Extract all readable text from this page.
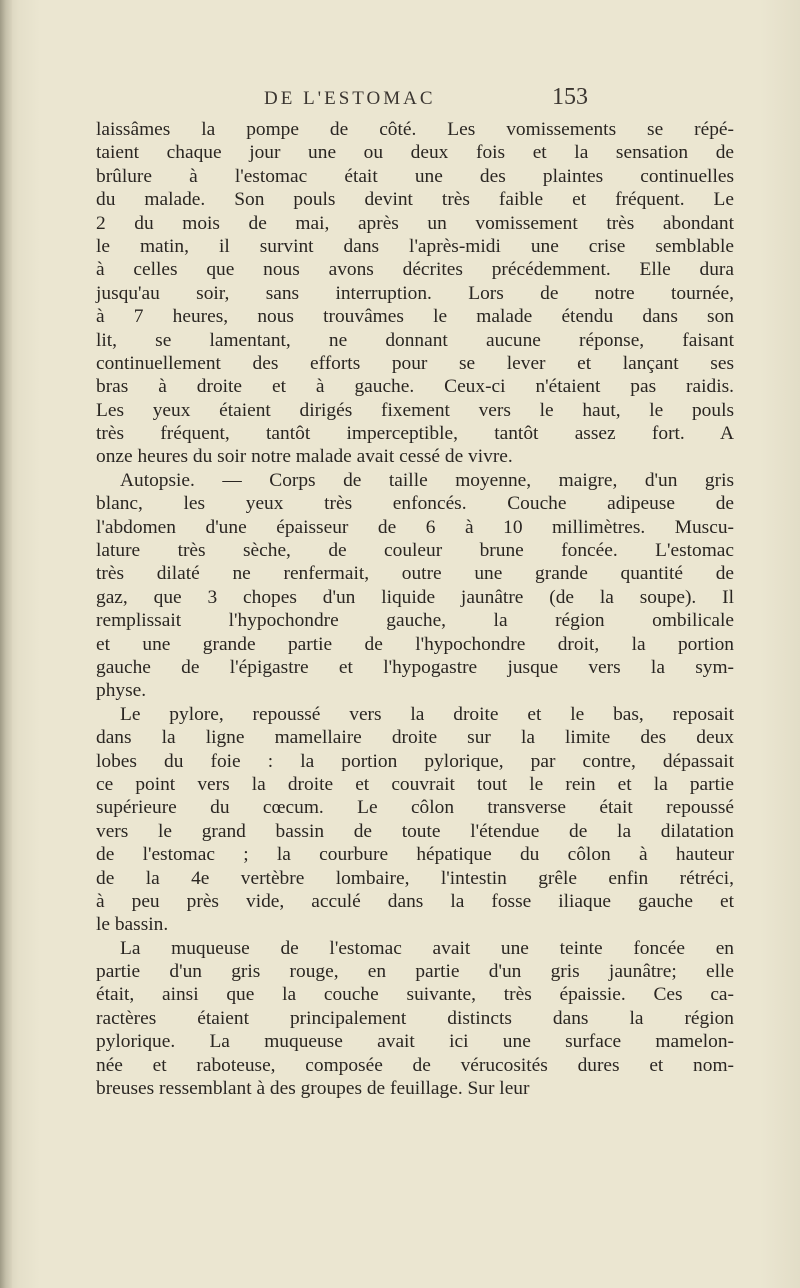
DE L'ESTOMAC	153
laissâmes la pompe de côté. Les vomissements se répé-
taient chaque jour une ou deux fois et la sensation de
brûlure à l'estomac était une des plaintes continuelles
du malade. Son pouls devint très faible et fréquent. Le
2 du mois de mai, après un vomissement très abondant
le matin, il survint dans l'après-midi une crise semblable
à celles que nous avons décrites précédemment. Elle dura
jusqu'au soir, sans interruption. Lors de notre tournée,
à 7 heures, nous trouvâmes le malade étendu dans son
lit, se lamentant, ne donnant aucune réponse, faisant
continuellement des efforts pour se lever et lançant ses
bras à droite et à gauche. Ceux-ci n'étaient pas raidis.
Les yeux étaient dirigés fixement vers le haut, le pouls
très fréquent, tantôt imperceptible, tantôt assez fort. A
onze heures du soir notre malade avait cessé de vivre.
Autopsie. — Corps de taille moyenne, maigre, d'un gris
blanc, les yeux très enfoncés. Couche adipeuse de
l'abdomen d'une épaisseur de 6 à 10 millimètres. Muscu-
lature très sèche, de couleur brune foncée. L'estomac
très dilaté ne renfermait, outre une grande quantité de
gaz, que 3 chopes d'un liquide jaunâtre (de la soupe). Il
remplissait l'hypochondre gauche, la région ombilicale
et une grande partie de l'hypochondre droit, la portion
gauche de l'épigastre et l'hypogastre jusque vers la sym-
physe.
Le pylore, repoussé vers la droite et le bas, reposait
dans la ligne mamellaire droite sur la limite des deux
lobes du foie : la portion pylorique, par contre, dépassait
ce point vers la droite et couvrait tout le rein et la partie
supérieure du cœcum. Le côlon transverse était repoussé
vers le grand bassin de toute l'étendue de la dilatation
de l'estomac ; la courbure hépatique du côlon à hauteur
de la 4e vertèbre lombaire, l'intestin grêle enfin rétréci,
à peu près vide, acculé dans la fosse iliaque gauche et
le bassin.
La muqueuse de l'estomac avait une teinte foncée en
partie d'un gris rouge, en partie d'un gris jaunâtre; elle
était, ainsi que la couche suivante, très épaissie. Ces ca-
ractères étaient principalement distincts dans la région
pylorique. La muqueuse avait ici une surface mamelon-
née et raboteuse, composée de vérucosités dures et nom-
breuses ressemblant à des groupes de feuillage. Sur leur
